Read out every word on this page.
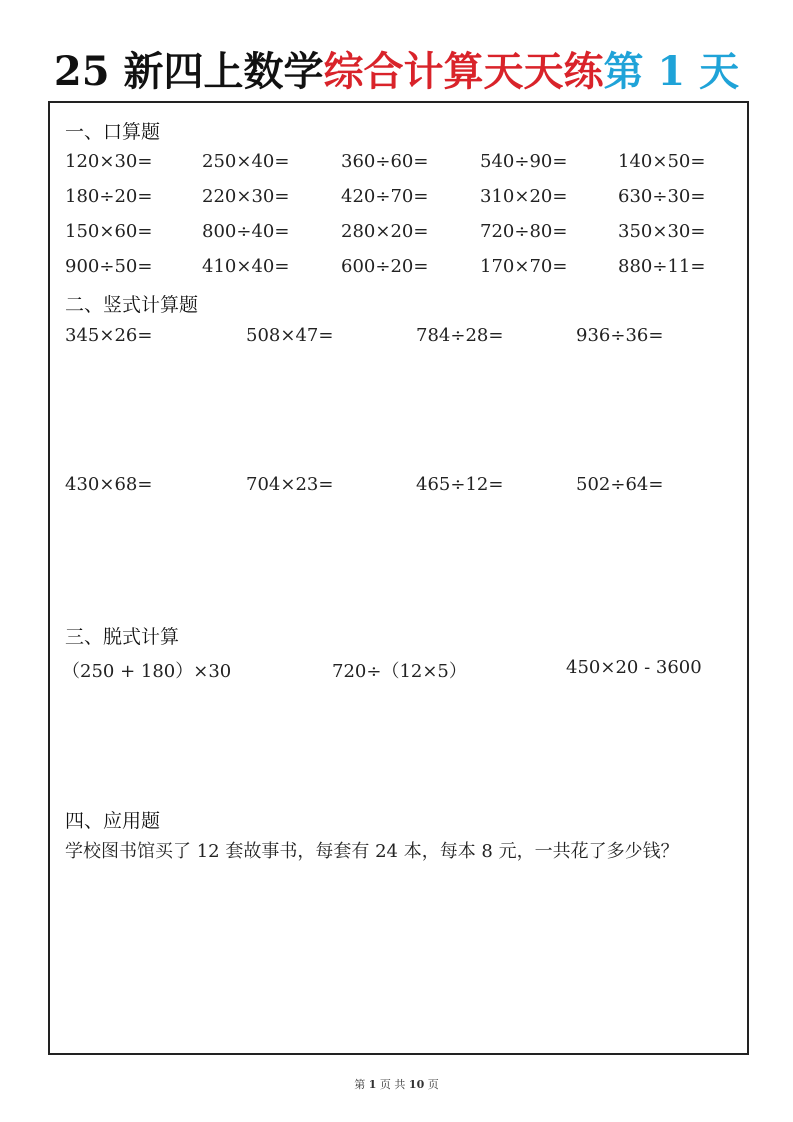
25 新四上数学综合计算天天练第 1 天
一、口算题
120×30=	250×40=	360÷60=	540÷90=	140×50=
180÷20=	220×30=	420÷70=	310×20=	630÷30=
150×60=	800÷40=	280×20=	720÷80=	350×30=
900÷50=	410×40=	600÷20=	170×70=	880÷11=
二、竖式计算题
345×26=	508×47=	784÷28=	936÷36=
430×68=	704×23=	465÷12=	502÷64=
三、脱式计算
（250 + 180）×30	720÷（12×5）	450×20 - 3600
四、应用题
学校图书馆买了 12 套故事书，每套有 24 本，每本 8 元，一共花了多少钱？
第 1 页 共 10 页
